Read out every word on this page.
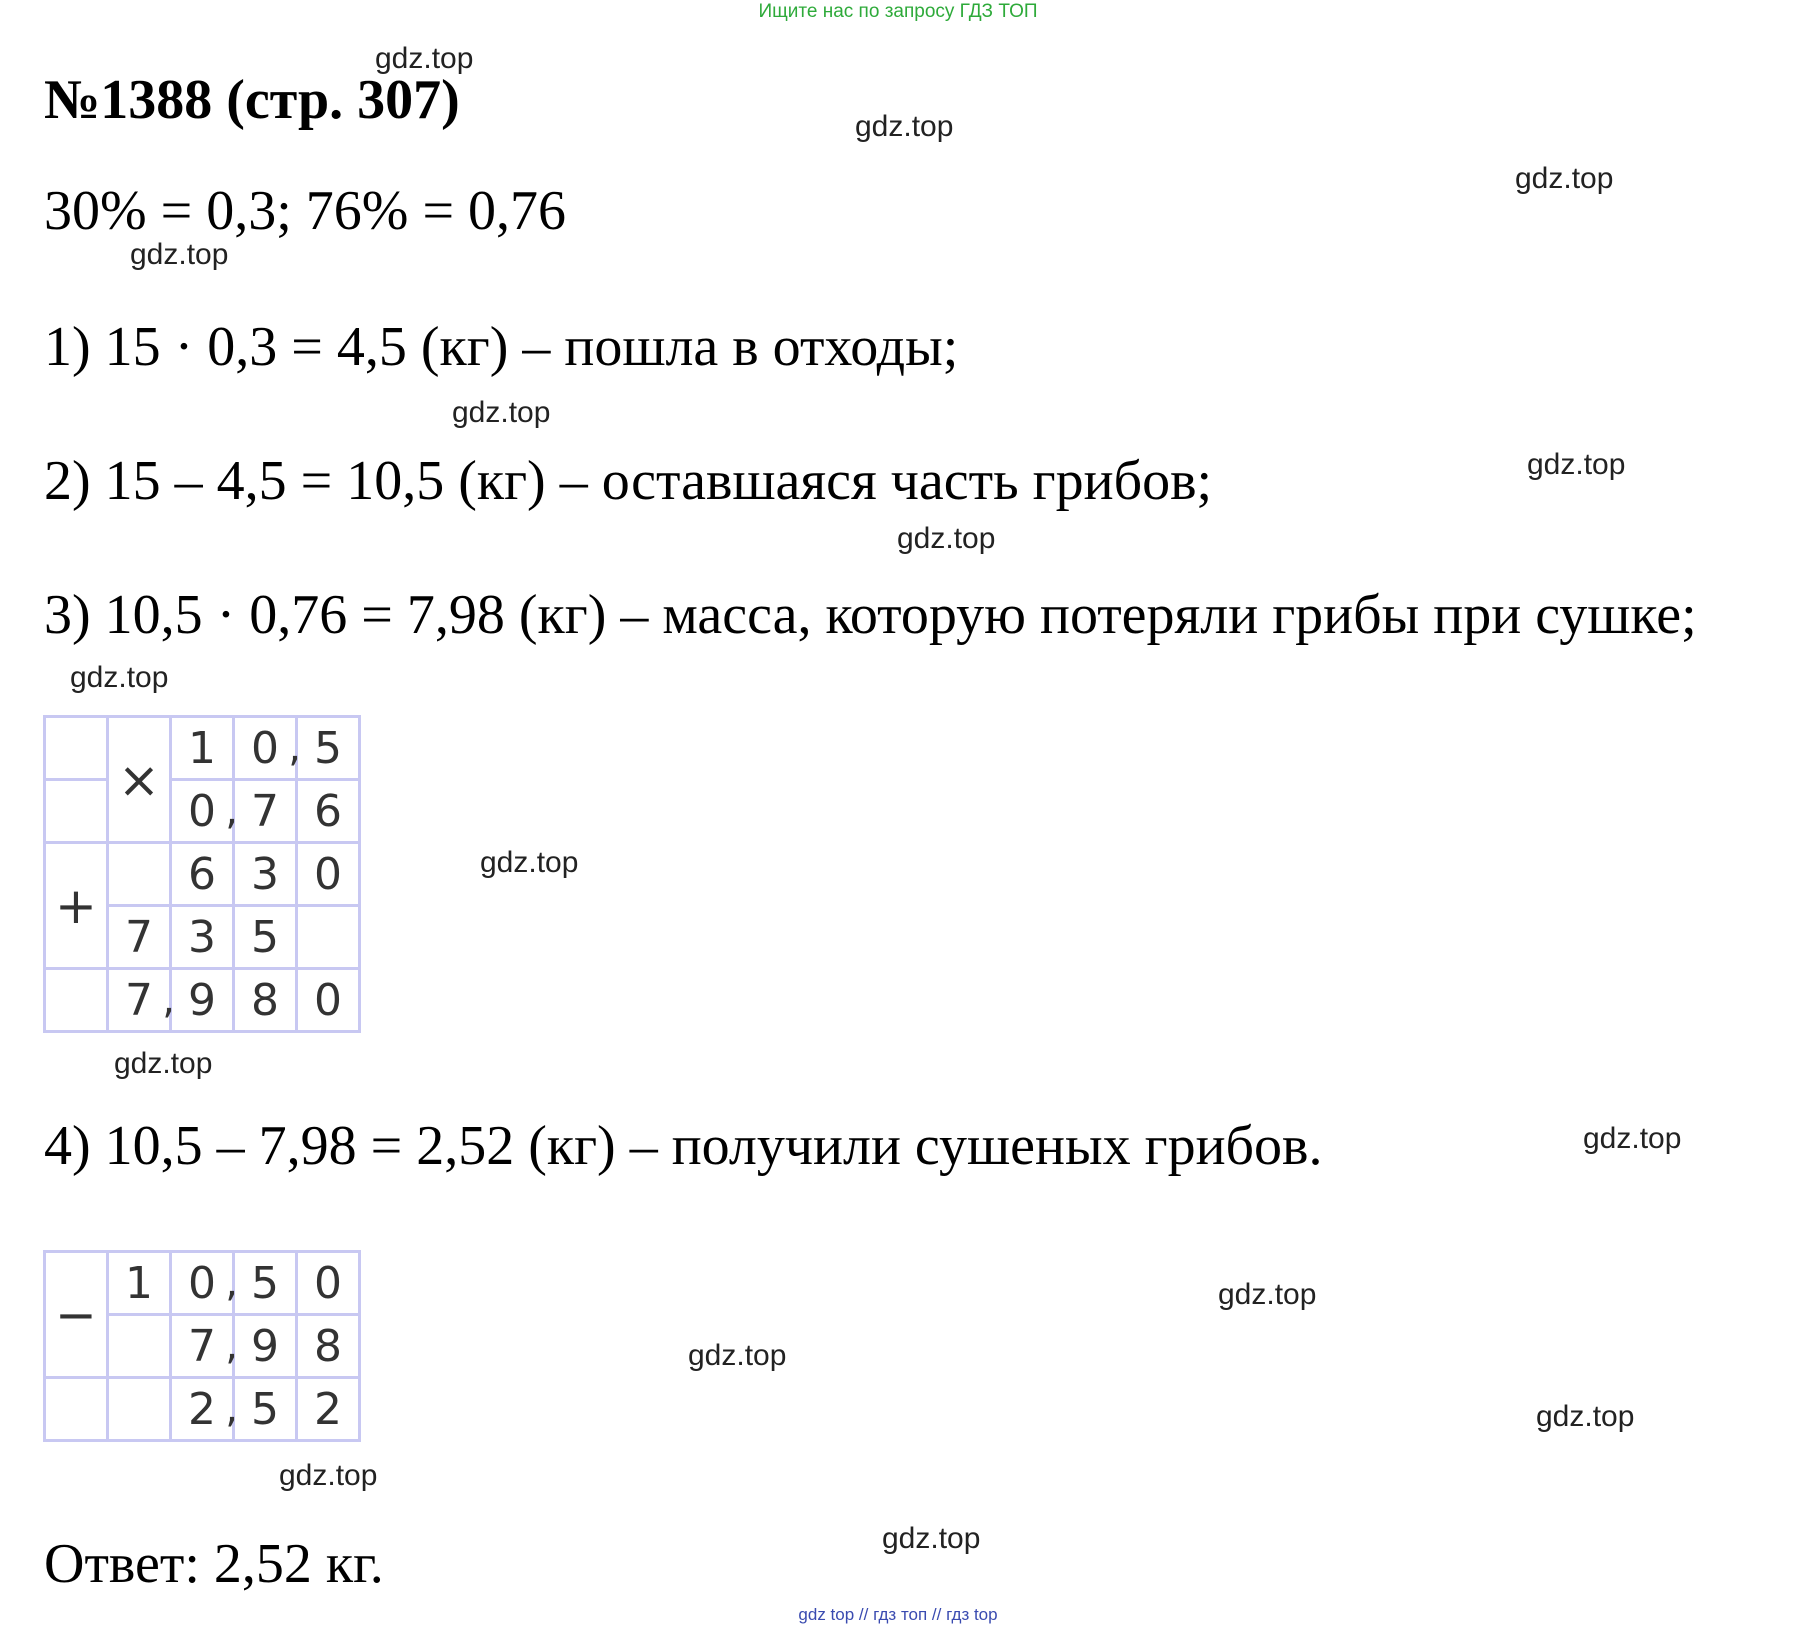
Ищите нас по запросу ГДЗ ТОП
№1388 (стр. 307)
30% = 0,3; 76% = 0,76
1) 15 · 0,3 = 4,5 (кг) – пошла в отходы;
2) 15 – 4,5 = 10,5 (кг) – оставшаяся часть грибов;
3) 10,5 · 0,76 = 7,98 (кг) – масса, которую потеряли грибы при сушке;
4) 10,5 – 7,98 = 2,52 (кг) – получили сушеных грибов.
Ответ: 2,52 кг.
	×	1	0 ,	5
		0 ,	7	6
+		6	3	0
	7	3	5	
	7 ,	9	8	0
−	1	0 ,	5	0
		7 ,	9	8
		2 ,	5	2
gdz.top
gdz.top
gdz.top
gdz.top
gdz.top
gdz.top
gdz.top
gdz.top
gdz.top
gdz.top
gdz.top
gdz.top
gdz.top
gdz.top
gdz.top
gdz.top
gdz top // гдз топ // гдз top
